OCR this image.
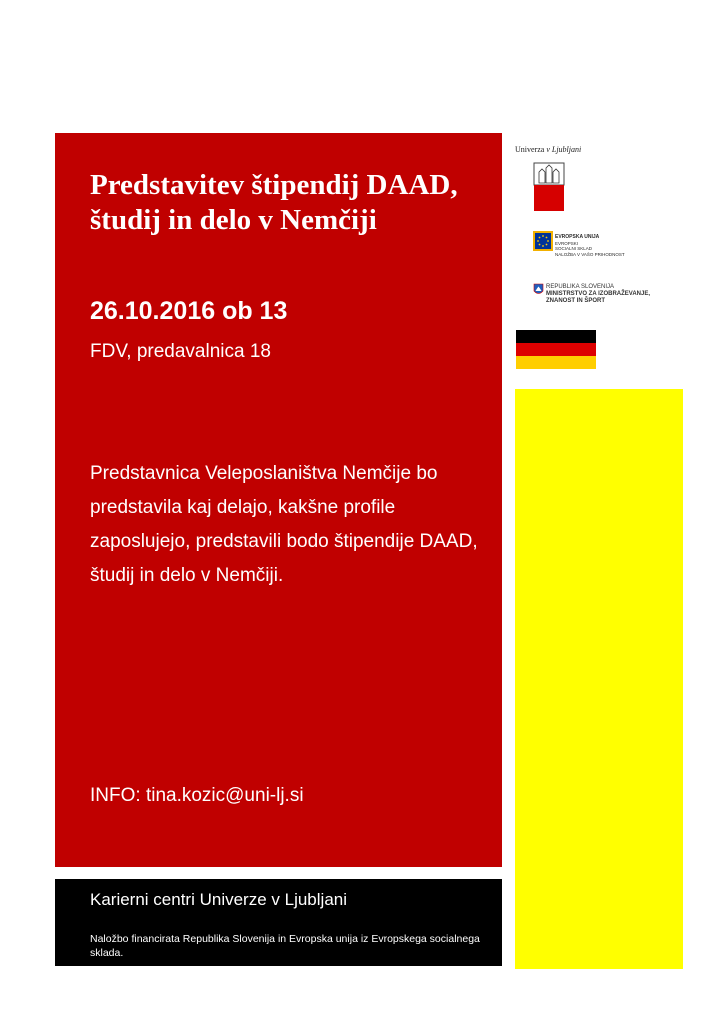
Predstavitev štipendij DAAD, študij in delo v Nemčiji
26.10.2016 ob 13
FDV, predavalnica 18
Predstavnica Veleposlaništva Nemčije bo predstavila kaj delajo, kakšne profile zaposlujejo, predstavili bodo štipendije DAAD, študij in delo v Nemčiji.
INFO: tina.kozic@uni-lj.si
Karierni centri Univerze v Ljubljani
Naložbo financirata Republika Slovenija in Evropska unija iz Evropskega socialnega sklada.
Univerza v Ljubljani
EVROPSKA UNIJA
EVROPSKI
SOCIALNI SKLAD
NALOŽBA V VAŠO PRIHODNOST
REPUBLIKA SLOVENIJA
MINISTRSTVO ZA IZOBRAŽEVANJE,
ZNANOST IN ŠPORT
